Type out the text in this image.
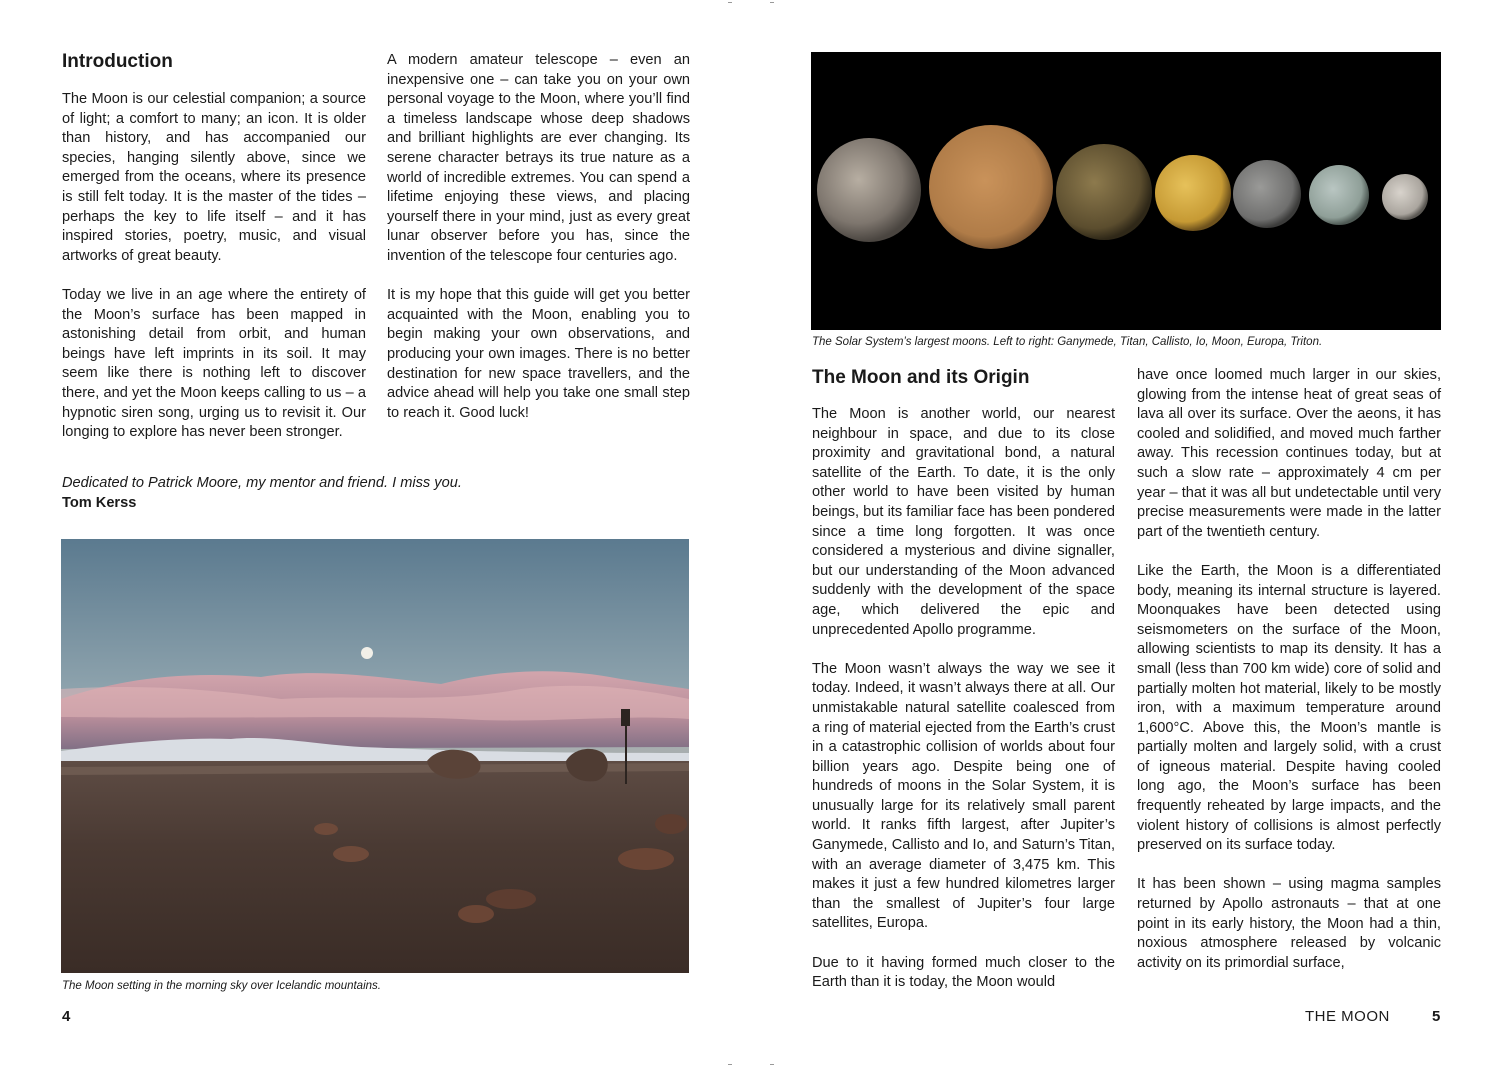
Introduction

The Moon is our celestial companion; a source of light; a comfort to many; an icon. It is older than history, and has accompanied our species, hanging silently above, since we emerged from the oceans, where its presence is still felt today. It is the master of the tides – perhaps the key to life itself – and it has inspired stories, poetry, music, and visual artworks of great beauty.

Today we live in an age where the entirety of the Moon’s surface has been mapped in astonishing detail from orbit, and human beings have left imprints in its soil. It may seem like there is nothing left to discover there, and yet the Moon keeps calling to us – a hypnotic siren song, urging us to revisit it. Our longing to explore has never been stronger.

A modern amateur telescope – even an inexpensive one – can take you on your own personal voyage to the Moon, where you’ll find a timeless landscape whose deep shadows and brilliant highlights are ever changing. Its serene character betrays its true nature as a world of incredible extremes. You can spend a lifetime enjoying these views, and placing yourself there in your mind, just as every great lunar observer before you has, since the invention of the telescope four centuries ago.

It is my hope that this guide will get you better acquainted with the Moon, enabling you to begin making your own observations, and producing your own images. There is no better destination for new space travellers, and the advice ahead will help you take one small step to reach it. Good luck!

Dedicated to Patrick Moore, my mentor and friend. I miss you.
Tom Kerss
The Moon setting in the morning sky over Icelandic mountains.
4
The Solar System’s largest moons. Left to right: Ganymede, Titan, Callisto, Io, Moon, Europa, Triton.
The Moon and its Origin

The Moon is another world, our nearest neighbour in space, and due to its close proximity and gravitational bond, a natural satellite of the Earth. To date, it is the only other world to have been visited by human beings, but its familiar face has been pondered since a time long forgotten. It was once considered a mysterious and divine signaller, but our understanding of the Moon advanced suddenly with the development of the space age, which delivered the epic and unprecedented Apollo programme.

The Moon wasn’t always the way we see it today. Indeed, it wasn’t always there at all. Our unmistakable natural satellite coalesced from a ring of material ejected from the Earth’s crust in a catastrophic collision of worlds about four billion years ago. Despite being one of hundreds of moons in the Solar System, it is unusually large for its relatively small parent world. It ranks fifth largest, after Jupiter’s Ganymede, Callisto and Io, and Saturn’s Titan, with an average diameter of 3,475 km. This makes it just a few hundred kilometres larger than the smallest of Jupiter’s four large satellites, Europa.

Due to it having formed much closer to the Earth than it is today, the Moon would

have once loomed much larger in our skies, glowing from the intense heat of great seas of lava all over its surface. Over the aeons, it has cooled and solidified, and moved much farther away. This recession continues today, but at such a slow rate – approximately 4 cm per year – that it was all but undetectable until very precise measurements were made in the latter part of the twentieth century.

Like the Earth, the Moon is a differentiated body, meaning its internal structure is layered. Moonquakes have been detected using seismometers on the surface of the Moon, allowing scientists to map its density. It has a small (less than 700 km wide) core of solid and partially molten hot material, likely to be mostly iron, with a maximum temperature around 1,600°C. Above this, the Moon’s mantle is partially molten and largely solid, with a crust of igneous material. Despite having cooled long ago, the Moon’s surface has been frequently reheated by large impacts, and the violent history of collisions is almost perfectly preserved on its surface today.

It has been shown – using magma samples returned by Apollo astronauts – that at one point in its early history, the Moon had a thin, noxious atmosphere released by volcanic activity on its primordial surface,

THE MOON	5
